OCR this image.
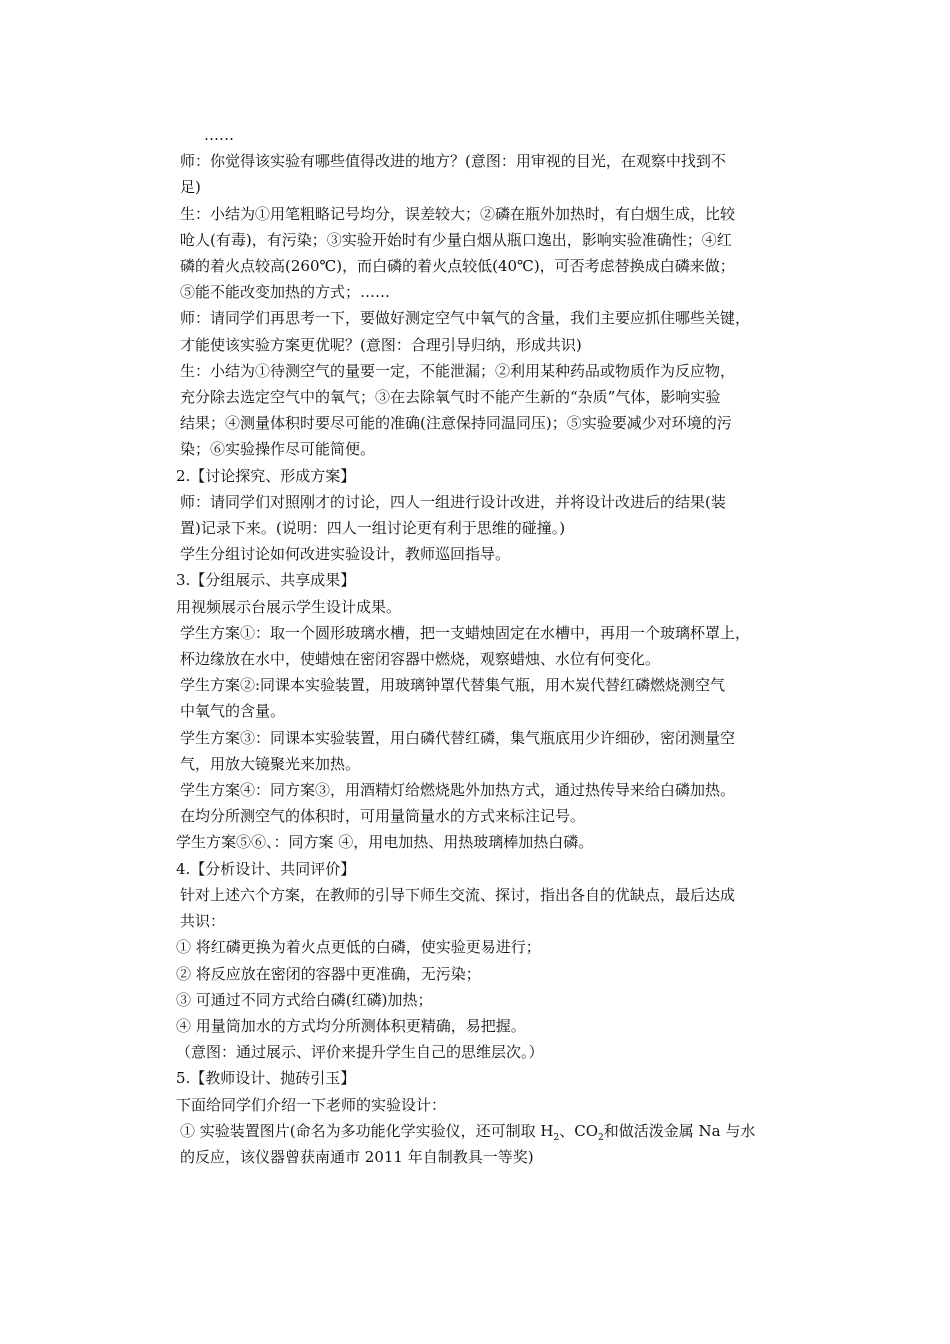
……

师：你觉得该实验有哪些值得改进的地方？(意图：用审视的目光，在观察中找到不

足)

生：小结为①用笔粗略记号均分，误差较大；②磷在瓶外加热时，有白烟生成，比较

呛人(有毒)，有污染；③实验开始时有少量白烟从瓶口逸出，影响实验准确性；④红

磷的着火点较高(260℃)，而白磷的着火点较低(40℃)，可否考虑替换成白磷来做；

⑤能不能改变加热的方式；……

师：请同学们再思考一下，要做好测定空气中氧气的含量，我们主要应抓住哪些关键，

才能使该实验方案更优呢？(意图：合理引导归纳，形成共识)

生：小结为①待测空气的量要一定，不能泄漏；②利用某种药品或物质作为反应物，

充分除去选定空气中的氧气；③在去除氧气时不能产生新的“杂质”气体，影响实验

结果；④测量体积时要尽可能的准确(注意保持同温同压)；⑤实验要减少对环境的污

染；⑥实验操作尽可能简便。

2.【讨论探究、形成方案】

师：请同学们对照刚才的讨论，四人一组进行设计改进，并将设计改进后的结果(装

置)记录下来。(说明：四人一组讨论更有利于思维的碰撞。)

学生分组讨论如何改进实验设计，教师巡回指导。

3.【分组展示、共享成果】

用视频展示台展示学生设计成果。

学生方案①：取一个圆形玻璃水槽，把一支蜡烛固定在水槽中，再用一个玻璃杯罩上，

杯边缘放在水中，使蜡烛在密闭容器中燃烧，观察蜡烛、水位有何变化。

学生方案②:同课本实验装置，用玻璃钟罩代替集气瓶，用木炭代替红磷燃烧测空气

中氧气的含量。

学生方案③：同课本实验装置，用白磷代替红磷，集气瓶底用少许细砂，密闭测量空

气，用放大镜聚光来加热。

学生方案④：同方案③，用酒精灯给燃烧匙外加热方式，通过热传导来给白磷加热。

在均分所测空气的体积时，可用量筒量水的方式来标注记号。

学生方案⑤⑥、：同方案 ④，用电加热、用热玻璃棒加热白磷。

4.【分析设计、共同评价】

针对上述六个方案，在教师的引导下师生交流、探讨，指出各自的优缺点，最后达成

共识：

① 将红磷更换为着火点更低的白磷，使实验更易进行；

② 将反应放在密闭的容器中更准确，无污染；

③ 可通过不同方式给白磷(红磷)加热；

④ 用量筒加水的方式均分所测体积更精确，易把握。

（意图：通过展示、评价来提升学生自己的思维层次。）

5.【教师设计、抛砖引玉】

下面给同学们介绍一下老师的实验设计：

① 实验装置图片(命名为多功能化学实验仪，还可制取 $H_2$、$CO_2$和做活泼金属 Na 与水

的反应，该仪器曾获南通市 2011 年自制教具一等奖)
